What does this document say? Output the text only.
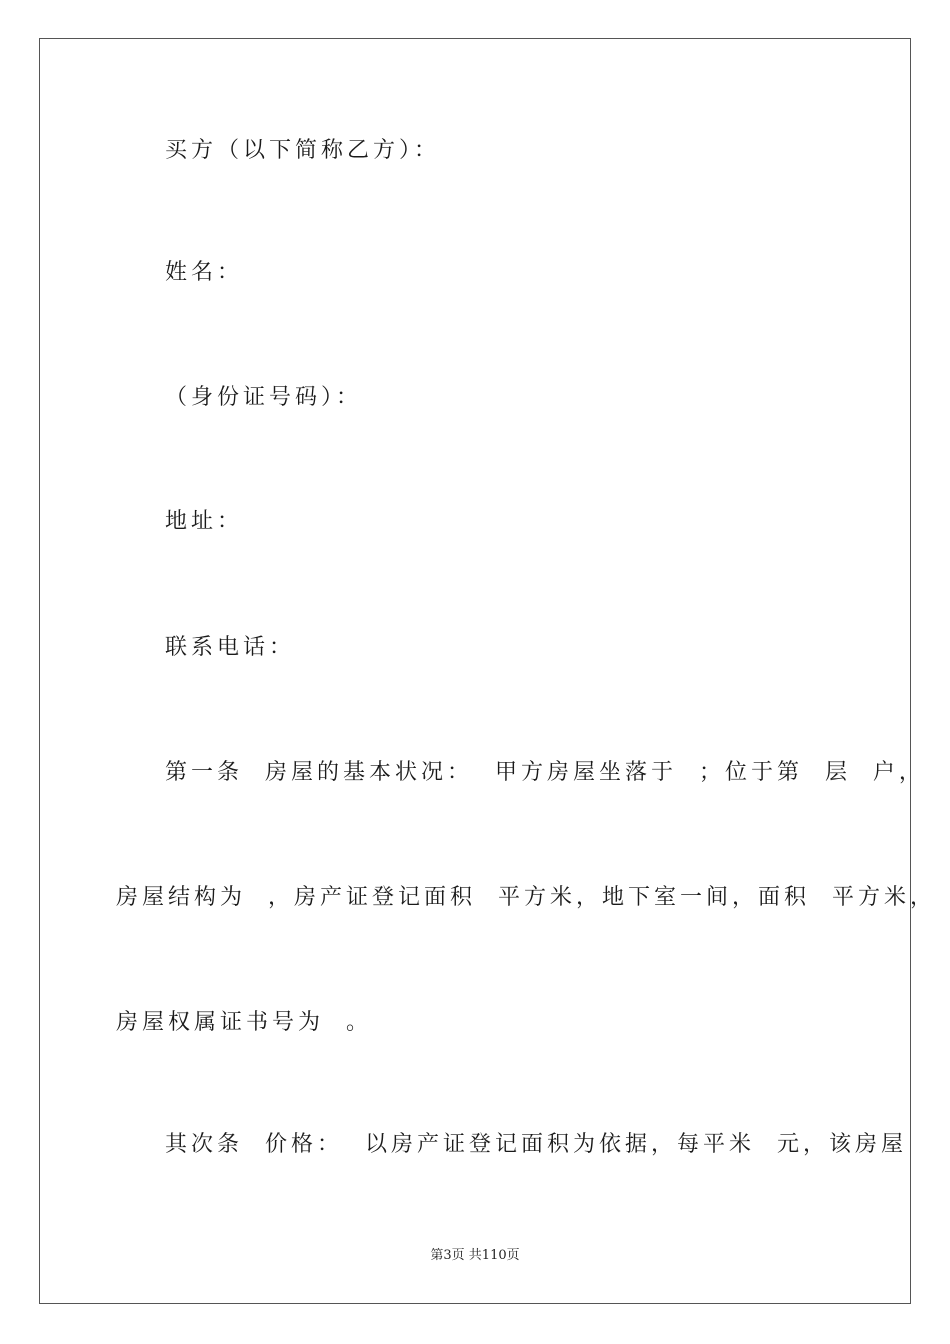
买方（以下简称乙方）：
姓名：
（身份证号码）：
地址：
联系电话：
第一条  房屋的基本状况：  甲方房屋坐落于  ；位于第  层  户，
房屋结构为  ，房产证登记面积  平方米，地下室一间，面积  平方米，
房屋权属证书号为  。
其次条  价格：  以房产证登记面积为依据，每平米  元，该房屋
第3页 共110页
